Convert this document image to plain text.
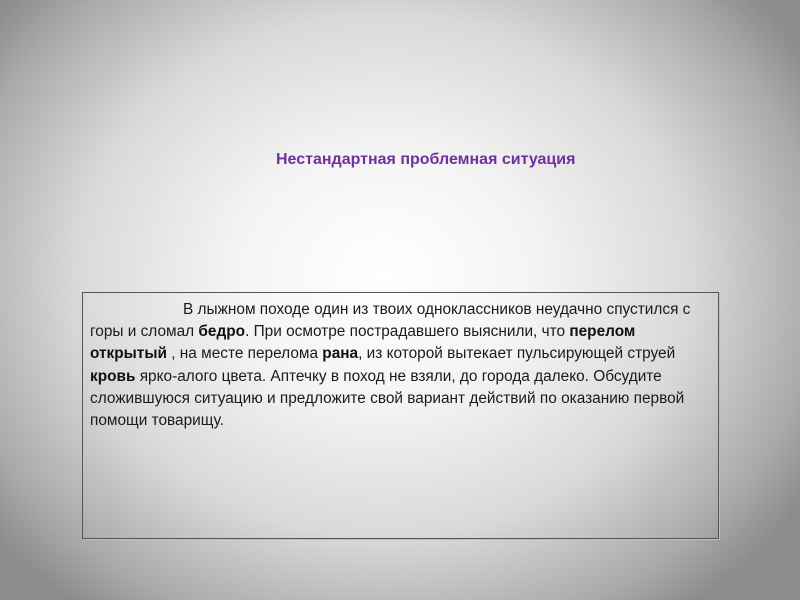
Нестандартная проблемная ситуация

В лыжном походе один из твоих одноклассников неудачно спустился с горы и сломал бедро. При осмотре пострадавшего выяснили, что перелом открытый , на месте перелома рана, из которой вытекает пульсирующей струей кровь ярко-алого цвета. Аптечку в поход не взяли, до города далеко. Обсудите сложившуюся ситуацию и предложите свой вариант действий по оказанию первой помощи товарищу.
